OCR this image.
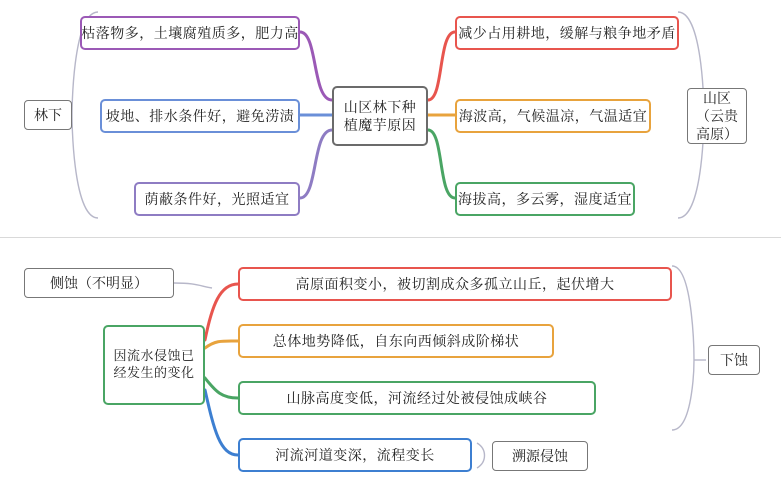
林下
山区（云贵高原）
山区林下种植魔芋原因
枯落物多，土壤腐殖质多，肥力高
坡地、排水条件好，避免涝渍
荫蔽条件好，光照适宜
减少占用耕地，缓解与粮争地矛盾
海波高，气候温凉，气温适宜
海拔高，多云雾，湿度适宜
侧蚀（不明显）
因流水侵蚀已经发生的变化
高原面积变小，被切割成众多孤立山丘，起伏增大
总体地势降低，自东向西倾斜成阶梯状
山脉高度变低，河流经过处被侵蚀成峡谷
河流河道变深，流程变长	溯源侵蚀
下蚀
